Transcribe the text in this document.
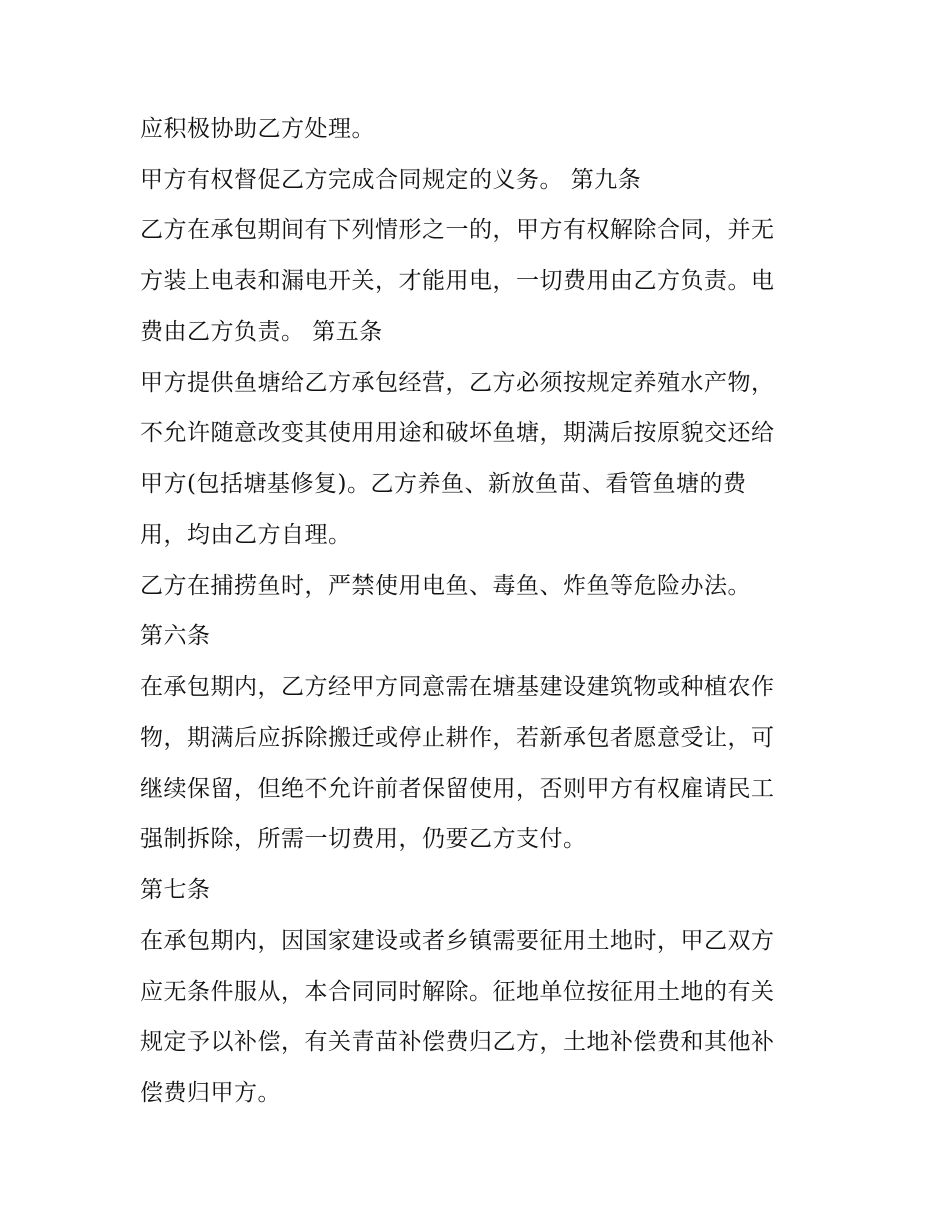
应积极协助乙方处理。

甲方有权督促乙方完成合同规定的义务。 第九条

乙方在承包期间有下列情形之一的，甲方有权解除合同，并无

方装上电表和漏电开关，才能用电，一切费用由乙方负责。电

费由乙方负责。 第五条

甲方提供鱼塘给乙方承包经营，乙方必须按规定养殖水产物，

不允许随意改变其使用用途和破坏鱼塘，期满后按原貌交还给

甲方(包括塘基修复)。乙方养鱼、新放鱼苗、看管鱼塘的费

用，均由乙方自理。

乙方在捕捞鱼时，严禁使用电鱼、毒鱼、炸鱼等危险办法。

第六条

在承包期内，乙方经甲方同意需在塘基建设建筑物或种植农作

物，期满后应拆除搬迁或停止耕作，若新承包者愿意受让，可

继续保留，但绝不允许前者保留使用，否则甲方有权雇请民工

强制拆除，所需一切费用，仍要乙方支付。

第七条

在承包期内，因国家建设或者乡镇需要征用土地时，甲乙双方

应无条件服从，本合同同时解除。征地单位按征用土地的有关

规定予以补偿，有关青苗补偿费归乙方，土地补偿费和其他补

偿费归甲方。
